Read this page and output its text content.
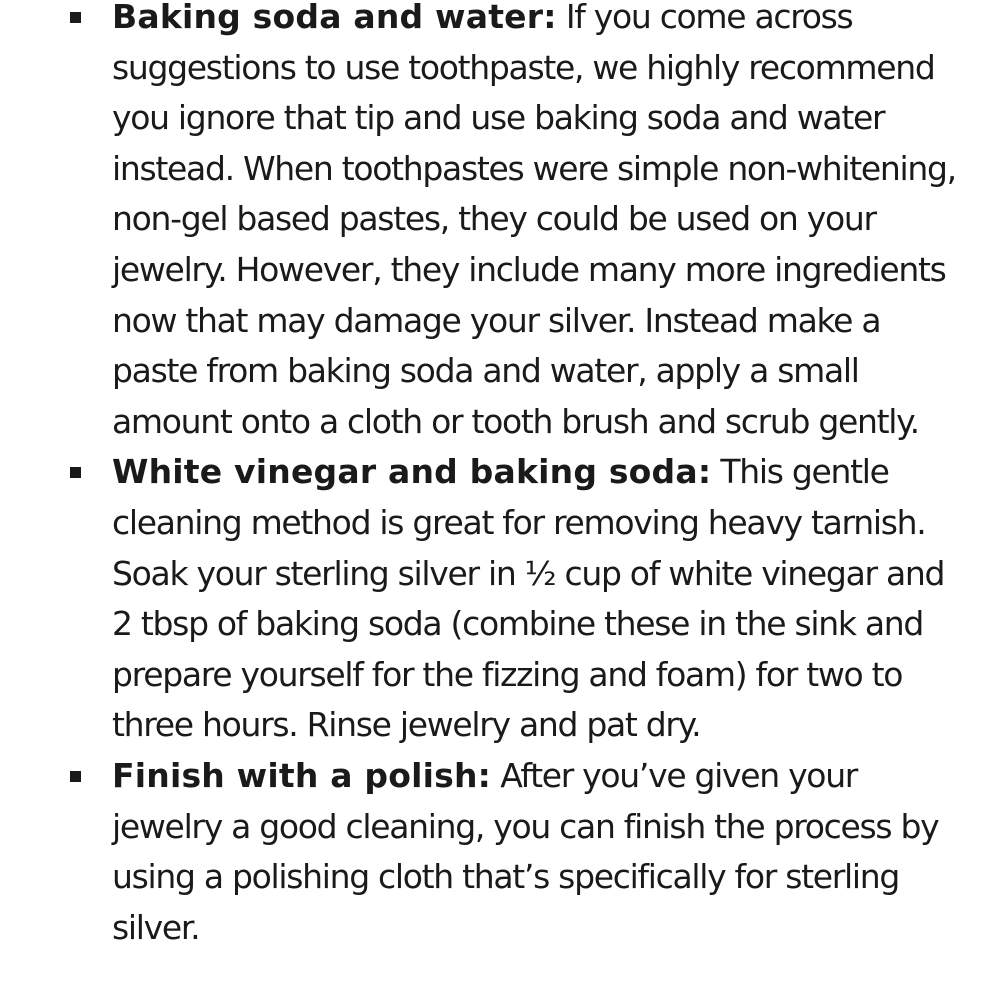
Baking soda and water: If you come across suggestions to use toothpaste, we highly recommend you ignore that tip and use baking soda and water instead. When toothpastes were simple non-whitening, non-gel based pastes, they could be used on your jewelry. However, they include many more ingredients now that may damage your silver. Instead make a paste from baking soda and water, apply a small amount onto a cloth or tooth brush and scrub gently.
White vinegar and baking soda: This gentle cleaning method is great for removing heavy tarnish. Soak your sterling silver in ½ cup of white vinegar and 2 tbsp of baking soda (combine these in the sink and prepare yourself for the fizzing and foam) for two to three hours. Rinse jewelry and pat dry.
Finish with a polish: After you’ve given your jewelry a good cleaning, you can finish the process by using a polishing cloth that’s specifically for sterling silver.
